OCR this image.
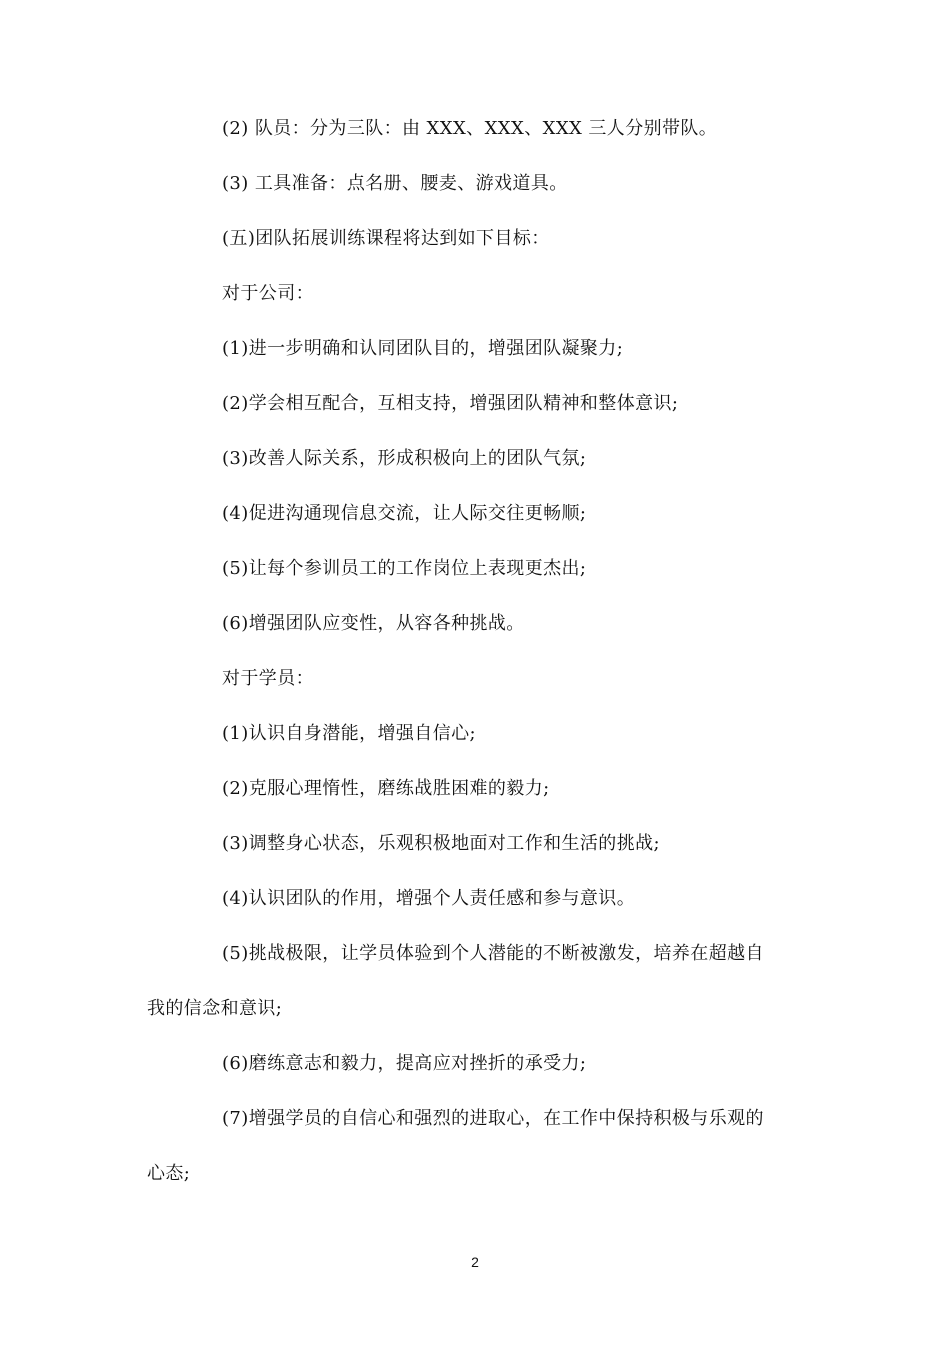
(2) 队员：分为三队：由 XXX、XXX、XXX 三人分别带队。
(3) 工具准备：点名册、腰麦、游戏道具。
(五)团队拓展训练课程将达到如下目标：
对于公司：
(1)进一步明确和认同团队目的，增强团队凝聚力;
(2)学会相互配合，互相支持，增强团队精神和整体意识;
(3)改善人际关系，形成积极向上的团队气氛;
(4)促进沟通现信息交流，让人际交往更畅顺;
(5)让每个参训员工的工作岗位上表现更杰出;
(6)增强团队应变性，从容各种挑战。
对于学员：
(1)认识自身潜能，增强自信心;
(2)克服心理惰性，磨练战胜困难的毅力;
(3)调整身心状态，乐观积极地面对工作和生活的挑战;
(4)认识团队的作用，增强个人责任感和参与意识。
(5)挑战极限，让学员体验到个人潜能的不断被激发，培养在超越自
我的信念和意识;
(6)磨练意志和毅力，提高应对挫折的承受力;
(7)增强学员的自信心和强烈的进取心，在工作中保持积极与乐观的
心态;
2
